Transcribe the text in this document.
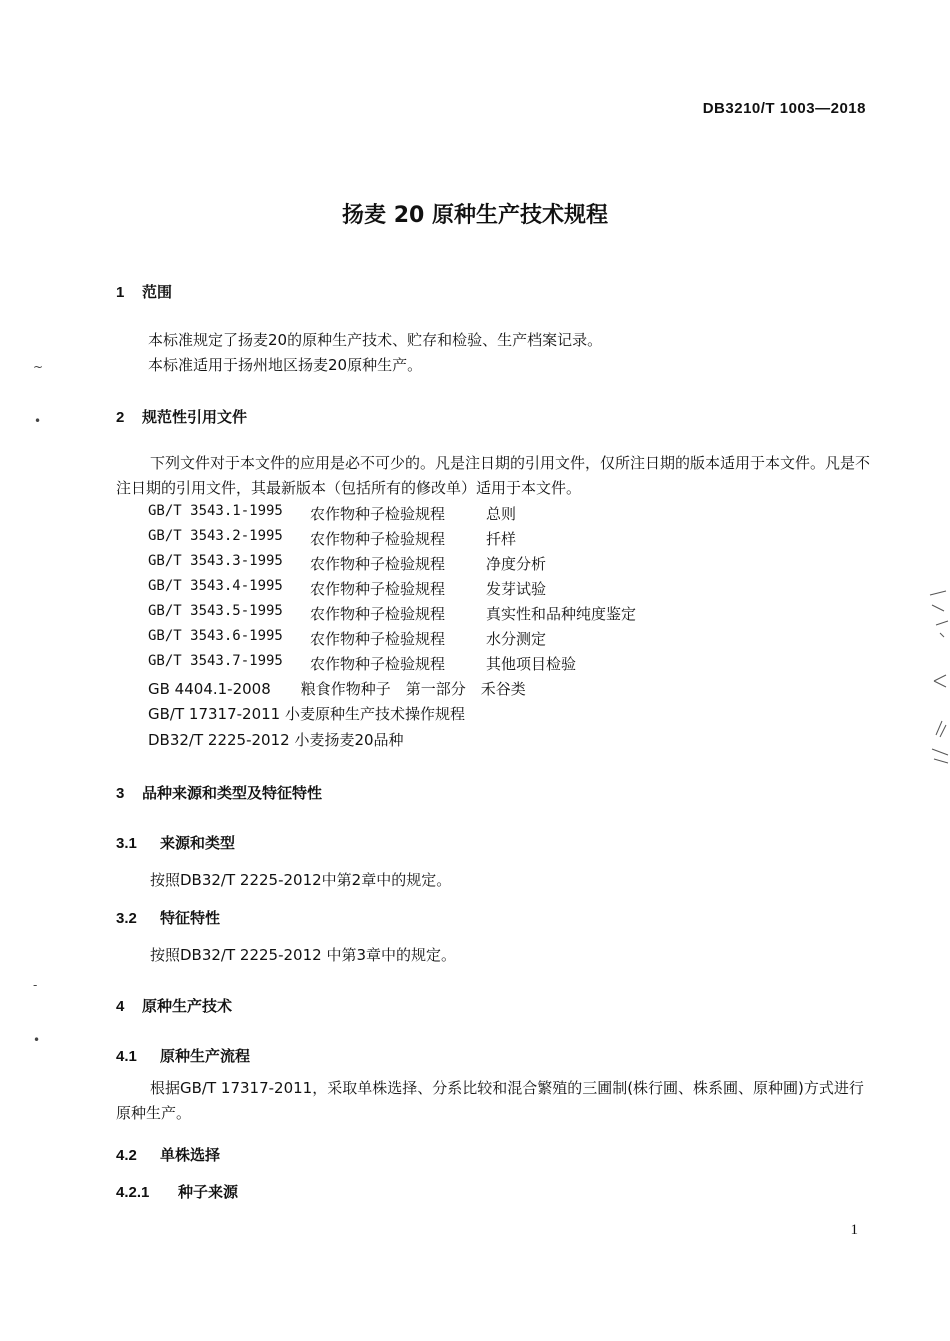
DB3210/T 1003—2018
扬麦 20 原种生产技术规程
1 范围
本标准规定了扬麦20的原种生产技术、贮存和检验、生产档案记录。
本标准适用于扬州地区扬麦20原种生产。
2 规范性引用文件
下列文件对于本文件的应用是必不可少的。凡是注日期的引用文件，仅所注日期的版本适用于本文件。凡是不注日期的引用文件，其最新版本（包括所有的修改单）适用于本文件。
GB/T 3543.1-1995 农作物种子检验规程	总则
GB/T 3543.2-1995 农作物种子检验规程	扦样
GB/T 3543.3-1995 农作物种子检验规程	净度分析
GB/T 3543.4-1995 农作物种子检验规程	发芽试验
GB/T 3543.5-1995 农作物种子检验规程	真实性和品种纯度鉴定
GB/T 3543.6-1995 农作物种子检验规程	水分测定
GB/T 3543.7-1995 农作物种子检验规程	其他项目检验
GB 4404.1-2008　　粮食作物种子　第一部分　禾谷类
GB/T 17317-2011 小麦原种生产技术操作规程
DB32/T 2225-2012 小麦扬麦20品种
3 品种来源和类型及特征特性
3.1 来源和类型
按照DB32/T 2225-2012中第2章中的规定。
3.2 特征特性
按照DB32/T 2225-2012 中第3章中的规定。
4 原种生产技术
4.1 原种生产流程
根据GB/T 17317-2011，采取单株选择、分系比较和混合繁殖的三圃制(株行圃、株系圃、原种圃)方式进行原种生产。
4.2 单株选择
4.2.1 种子来源
1
~
•
-
•
